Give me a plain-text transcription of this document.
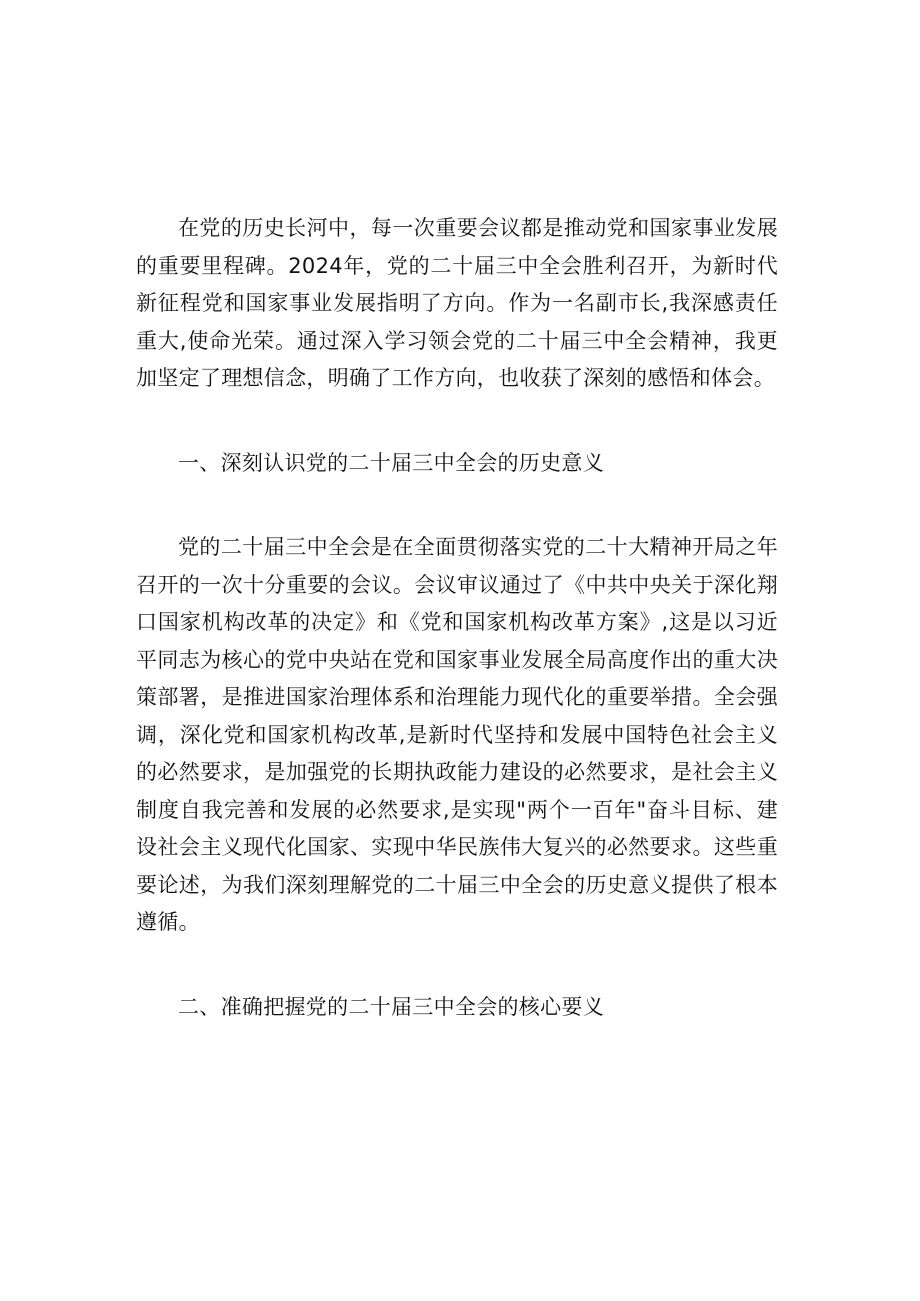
在党的历史长河中，每一次重要会议都是推动党和国家事业发展的重要里程碑。2024年，党的二十届三中全会胜利召开，为新时代新征程党和国家事业发展指明了方向。作为一名副市长,我深感责任重大,使命光荣。通过深入学习领会党的二十届三中全会精神，我更加坚定了理想信念，明确了工作方向，也收获了深刻的感悟和体会。

一、深刻认识党的二十届三中全会的历史意义

党的二十届三中全会是在全面贯彻落实党的二十大精神开局之年召开的一次十分重要的会议。会议审议通过了《中共中央关于深化翔口国家机构改革的决定》和《党和国家机构改革方案》,这是以习近平同志为核心的党中央站在党和国家事业发展全局高度作出的重大决策部署，是推进国家治理体系和治理能力现代化的重要举措。全会强调，深化党和国家机构改革,是新时代坚持和发展中国特色社会主义的必然要求，是加强党的长期执政能力建设的必然要求，是社会主义制度自我完善和发展的必然要求,是实现"两个一百年"奋斗目标、建设社会主义现代化国家、实现中华民族伟大复兴的必然要求。这些重要论述，为我们深刻理解党的二十届三中全会的历史意义提供了根本遵循。

二、准确把握党的二十届三中全会的核心要义
